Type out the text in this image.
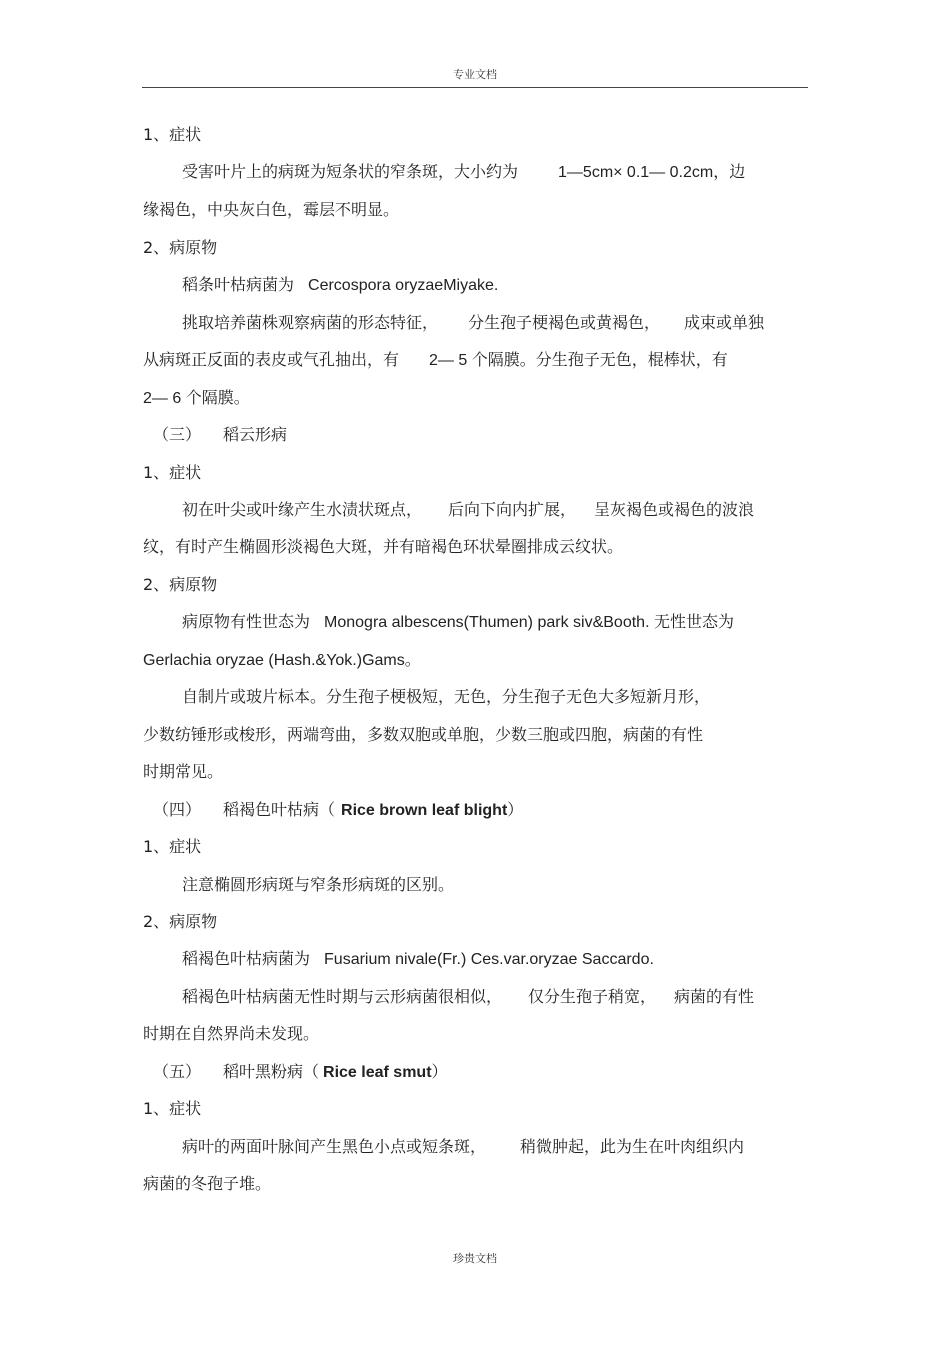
专业文档
1、症状
受害叶片上的病斑为短条状的窄条斑，大小约为	1—5cm× 0.1— 0.2cm，边
缘褐色，中央灰白色，霉层不明显。
2、病原物
稻条叶枯病菌为 Cercospora oryzaeMiyake.
挑取培养菌株观察病菌的形态特征， 分生孢子梗褐色或黄褐色， 成束或单独
从病斑正反面的表皮或气孔抽出，有 2— 5 个隔膜。分生孢子无色，棍棒状，有
2— 6 个隔膜。
（三） 稻云形病
1、症状
初在叶尖或叶缘产生水渍状斑点， 后向下向内扩展， 呈灰褐色或褐色的波浪
纹，有时产生椭圆形淡褐色大斑，并有暗褐色环状晕圈排成云纹状。
2、病原物
病原物有性世态为 Monogra albescens(Thumen) park siv&Booth. 无性世态为
Gerlachia oryzae (Hash.&Yok.)Gams。
自制片或玻片标本。分生孢子梗极短，无色，分生孢子无色大多短新月形，
少数纺锤形或梭形，两端弯曲，多数双胞或单胞，少数三胞或四胞，病菌的有性
时期常见。
（四） 稻褐色叶枯病（ Rice brown leaf blight）
1、症状
注意椭圆形病斑与窄条形病斑的区别。
2、病原物
稻褐色叶枯病菌为 Fusarium nivale(Fr.) Ces.var.oryzae Saccardo.
稻褐色叶枯病菌无性时期与云形病菌很相似， 仅分生孢子稍宽， 病菌的有性
时期在自然界尚未发现。
（五） 稻叶黑粉病（ Rice leaf smut）
1、症状
病叶的两面叶脉间产生黑色小点或短条斑， 稍微肿起，此为生在叶肉组织内
病菌的冬孢子堆。
珍贵文档
